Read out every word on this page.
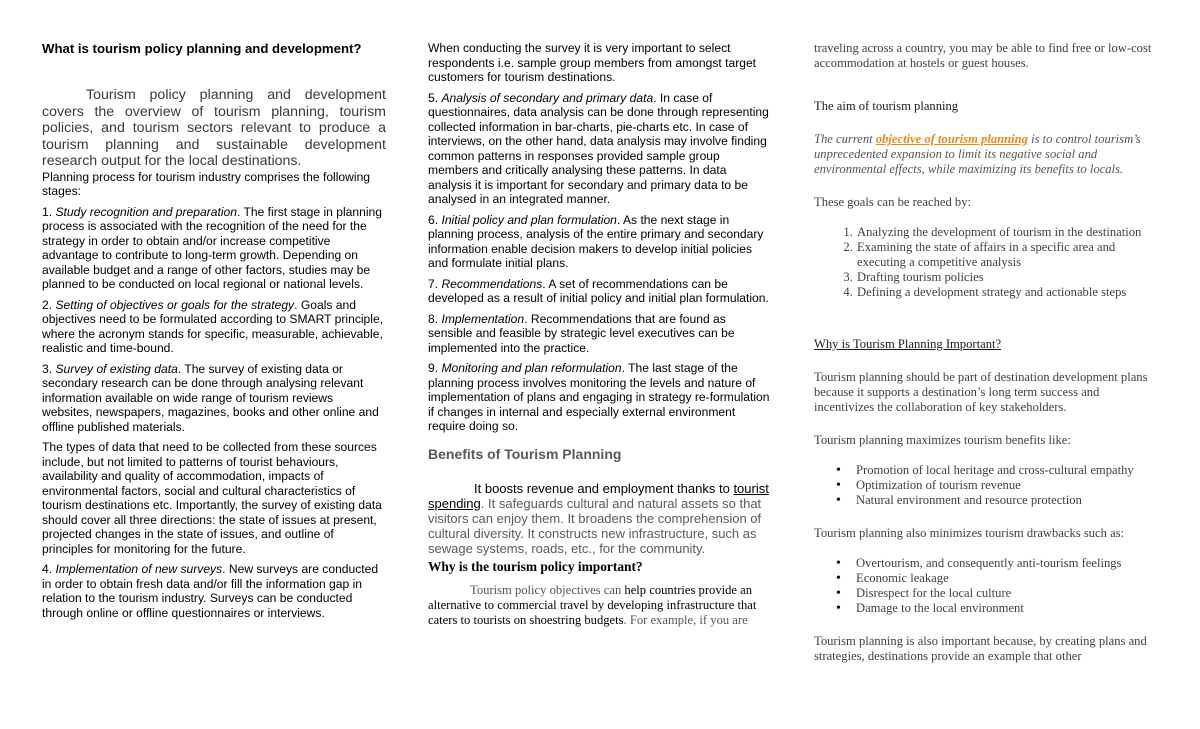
What is tourism policy planning and development?
Tourism policy planning and development covers the overview of tourism planning, tourism policies, and tourism sectors relevant to produce a tourism planning and sustainable development research output for the local destinations.
Planning process for tourism industry comprises the following stages:
1. Study recognition and preparation. The first stage in planning process is associated with the recognition of the need for the strategy in order to obtain and/or increase competitive advantage to contribute to long-term growth. Depending on available budget and a range of other factors, studies may be planned to be conducted on local regional or national levels.
2. Setting of objectives or goals for the strategy. Goals and objectives need to be formulated according to SMART principle, where the acronym stands for specific, measurable, achievable, realistic and time-bound.
3. Survey of existing data. The survey of existing data or secondary research can be done through analysing relevant information available on wide range of tourism reviews websites, newspapers, magazines, books and other online and offline published materials.
The types of data that need to be collected from these sources include, but not limited to patterns of tourist behaviours, availability and quality of accommodation, impacts of environmental factors, social and cultural characteristics of tourism destinations etc. Importantly, the survey of existing data should cover all three directions: the state of issues at present, projected changes in the state of issues, and outline of principles for monitoring for the future.
4. Implementation of new surveys. New surveys are conducted in order to obtain fresh data and/or fill the information gap in relation to the tourism industry. Surveys can be conducted through online or offline questionnaires or interviews.
When conducting the survey it is very important to select respondents i.e. sample group members from amongst target customers for tourism destinations.
5. Analysis of secondary and primary data. In case of questionnaires, data analysis can be done through representing collected information in bar-charts, pie-charts etc. In case of interviews, on the other hand, data analysis may involve finding common patterns in responses provided sample group members and critically analysing these patterns. In data analysis it is important for secondary and primary data to be analysed in an integrated manner.
6. Initial policy and plan formulation. As the next stage in planning process, analysis of the entire primary and secondary information enable decision makers to develop initial policies and formulate initial plans.
7. Recommendations. A set of recommendations can be developed as a result of initial policy and initial plan formulation.
8. Implementation. Recommendations that are found as sensible and feasible by strategic level executives can be implemented into the practice.
9. Monitoring and plan reformulation. The last stage of the planning process involves monitoring the levels and nature of implementation of plans and engaging in strategy re-formulation if changes in internal and especially external environment require doing so.
Benefits of Tourism Planning
It boosts revenue and employment thanks to tourist spending. It safeguards cultural and natural assets so that visitors can enjoy them. It broadens the comprehension of cultural diversity. It constructs new infrastructure, such as sewage systems, roads, etc., for the community.
Why is the tourism policy important?
Tourism policy objectives can help countries provide an alternative to commercial travel by developing infrastructure that caters to tourists on shoestring budgets. For example, if you are
traveling across a country, you may be able to find free or low-cost accommodation at hostels or guest houses.
The aim of tourism planning
The current objective of tourism planning is to control tourism’s unprecedented expansion to limit its negative social and environmental effects, while maximizing its benefits to locals.
These goals can be reached by:
1. Analyzing the development of tourism in the destination
2. Examining the state of affairs in a specific area and executing a competitive analysis
3. Drafting tourism policies
4. Defining a development strategy and actionable steps
Why is Tourism Planning Important?
Tourism planning should be part of destination development plans because it supports a destination’s long term success and incentivizes the collaboration of key stakeholders.
Tourism planning maximizes tourism benefits like:
• Promotion of local heritage and cross-cultural empathy
• Optimization of tourism revenue
• Natural environment and resource protection
Tourism planning also minimizes tourism drawbacks such as:
• Overtourism, and consequently anti-tourism feelings
• Economic leakage
• Disrespect for the local culture
• Damage to the local environment
Tourism planning is also important because, by creating plans and strategies, destinations provide an example that other
